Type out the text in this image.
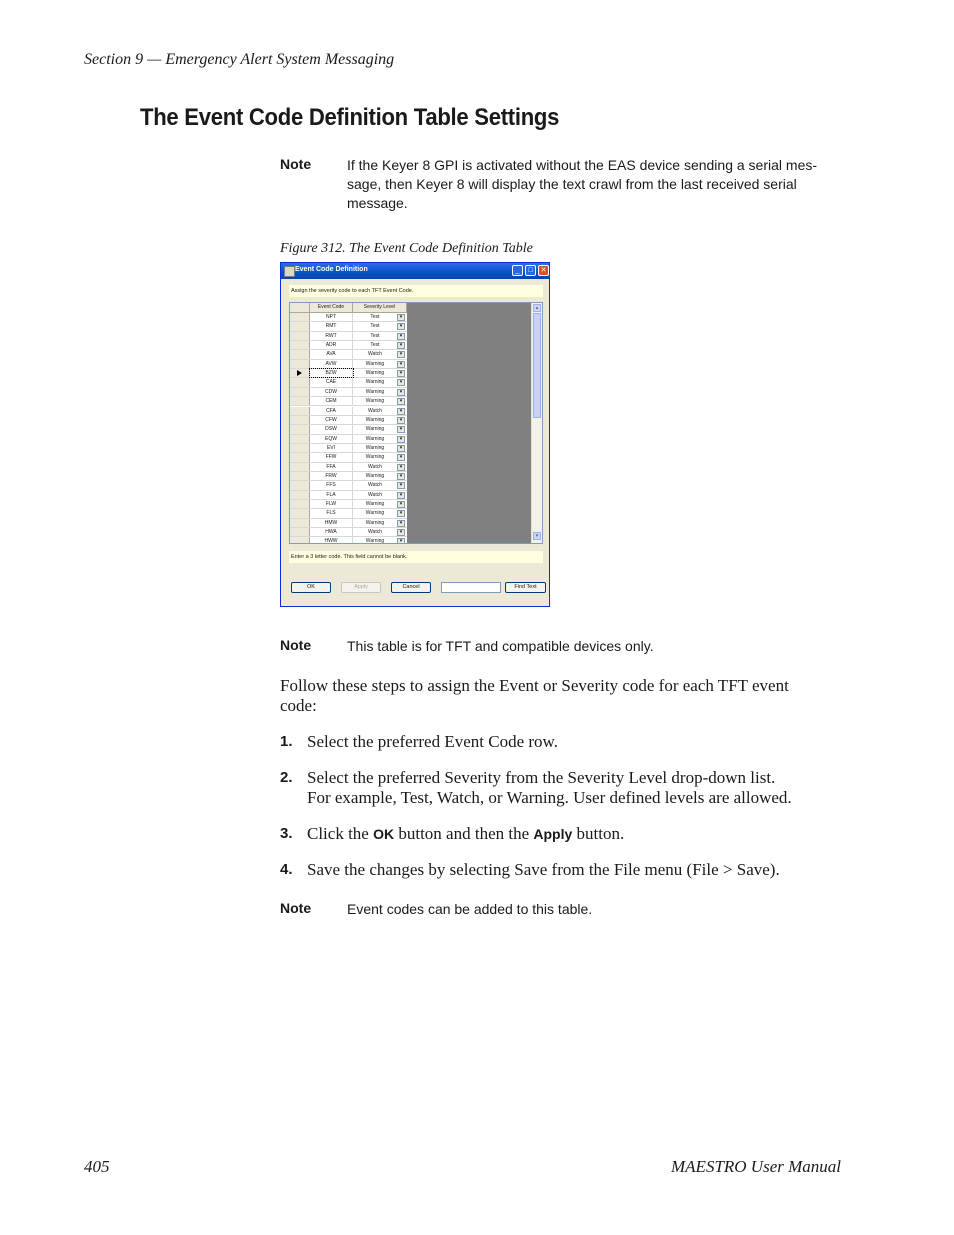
Section 9 — Emergency Alert System Messaging
The Event Code Definition Table Settings
Note	If the Keyer 8 GPI is activated without the EAS device sending a serial mes-
sage, then Keyer 8 will display the text crawl from the last received serial
message.
Figure 312. The Event Code Definition Table
Event Code Definition	_	□	✕
Assign the severity code to each TFT Event Code.
Event Code	Severity Level
NPT	Test	▾
RMT	Test	▾
RWT	Test	▾
ADR	Test	▾
AVA	Watch	▾
AVW	Warning	▾
BZW	Warning	▾
CAE	Warning	▾
CDW	Warning	▾
CEM	Warning	▾
CFA	Watch	▾
CFW	Warning	▾
DSW	Warning	▾
EQW	Warning	▾
EVI	Warning	▾
FFW	Warning	▾
FFA	Watch	▾
FRW	Warning	▾
FFS	Watch	▾
FLA	Watch	▾
FLW	Warning	▾
FLS	Warning	▾
HMW	Warning	▾
HWA	Watch	▾
HWW	Warning	▾
▴
▾
Enter a 3 letter code. This field cannot be blank.
OK	Apply	Cancel	Find Text
Note	This table is for TFT and compatible devices only.
Follow these steps to assign the Event or Severity code for each TFT event
code:
1. Select the preferred Event Code row.
2. Select the preferred Severity from the Severity Level drop-down list.
For example, Test, Watch, or Warning. User defined levels are allowed.
3. Click the OK button and then the Apply button.
4. Save the changes by selecting Save from the File menu (File > Save).
Note	Event codes can be added to this table.
405	MAESTRO User Manual
